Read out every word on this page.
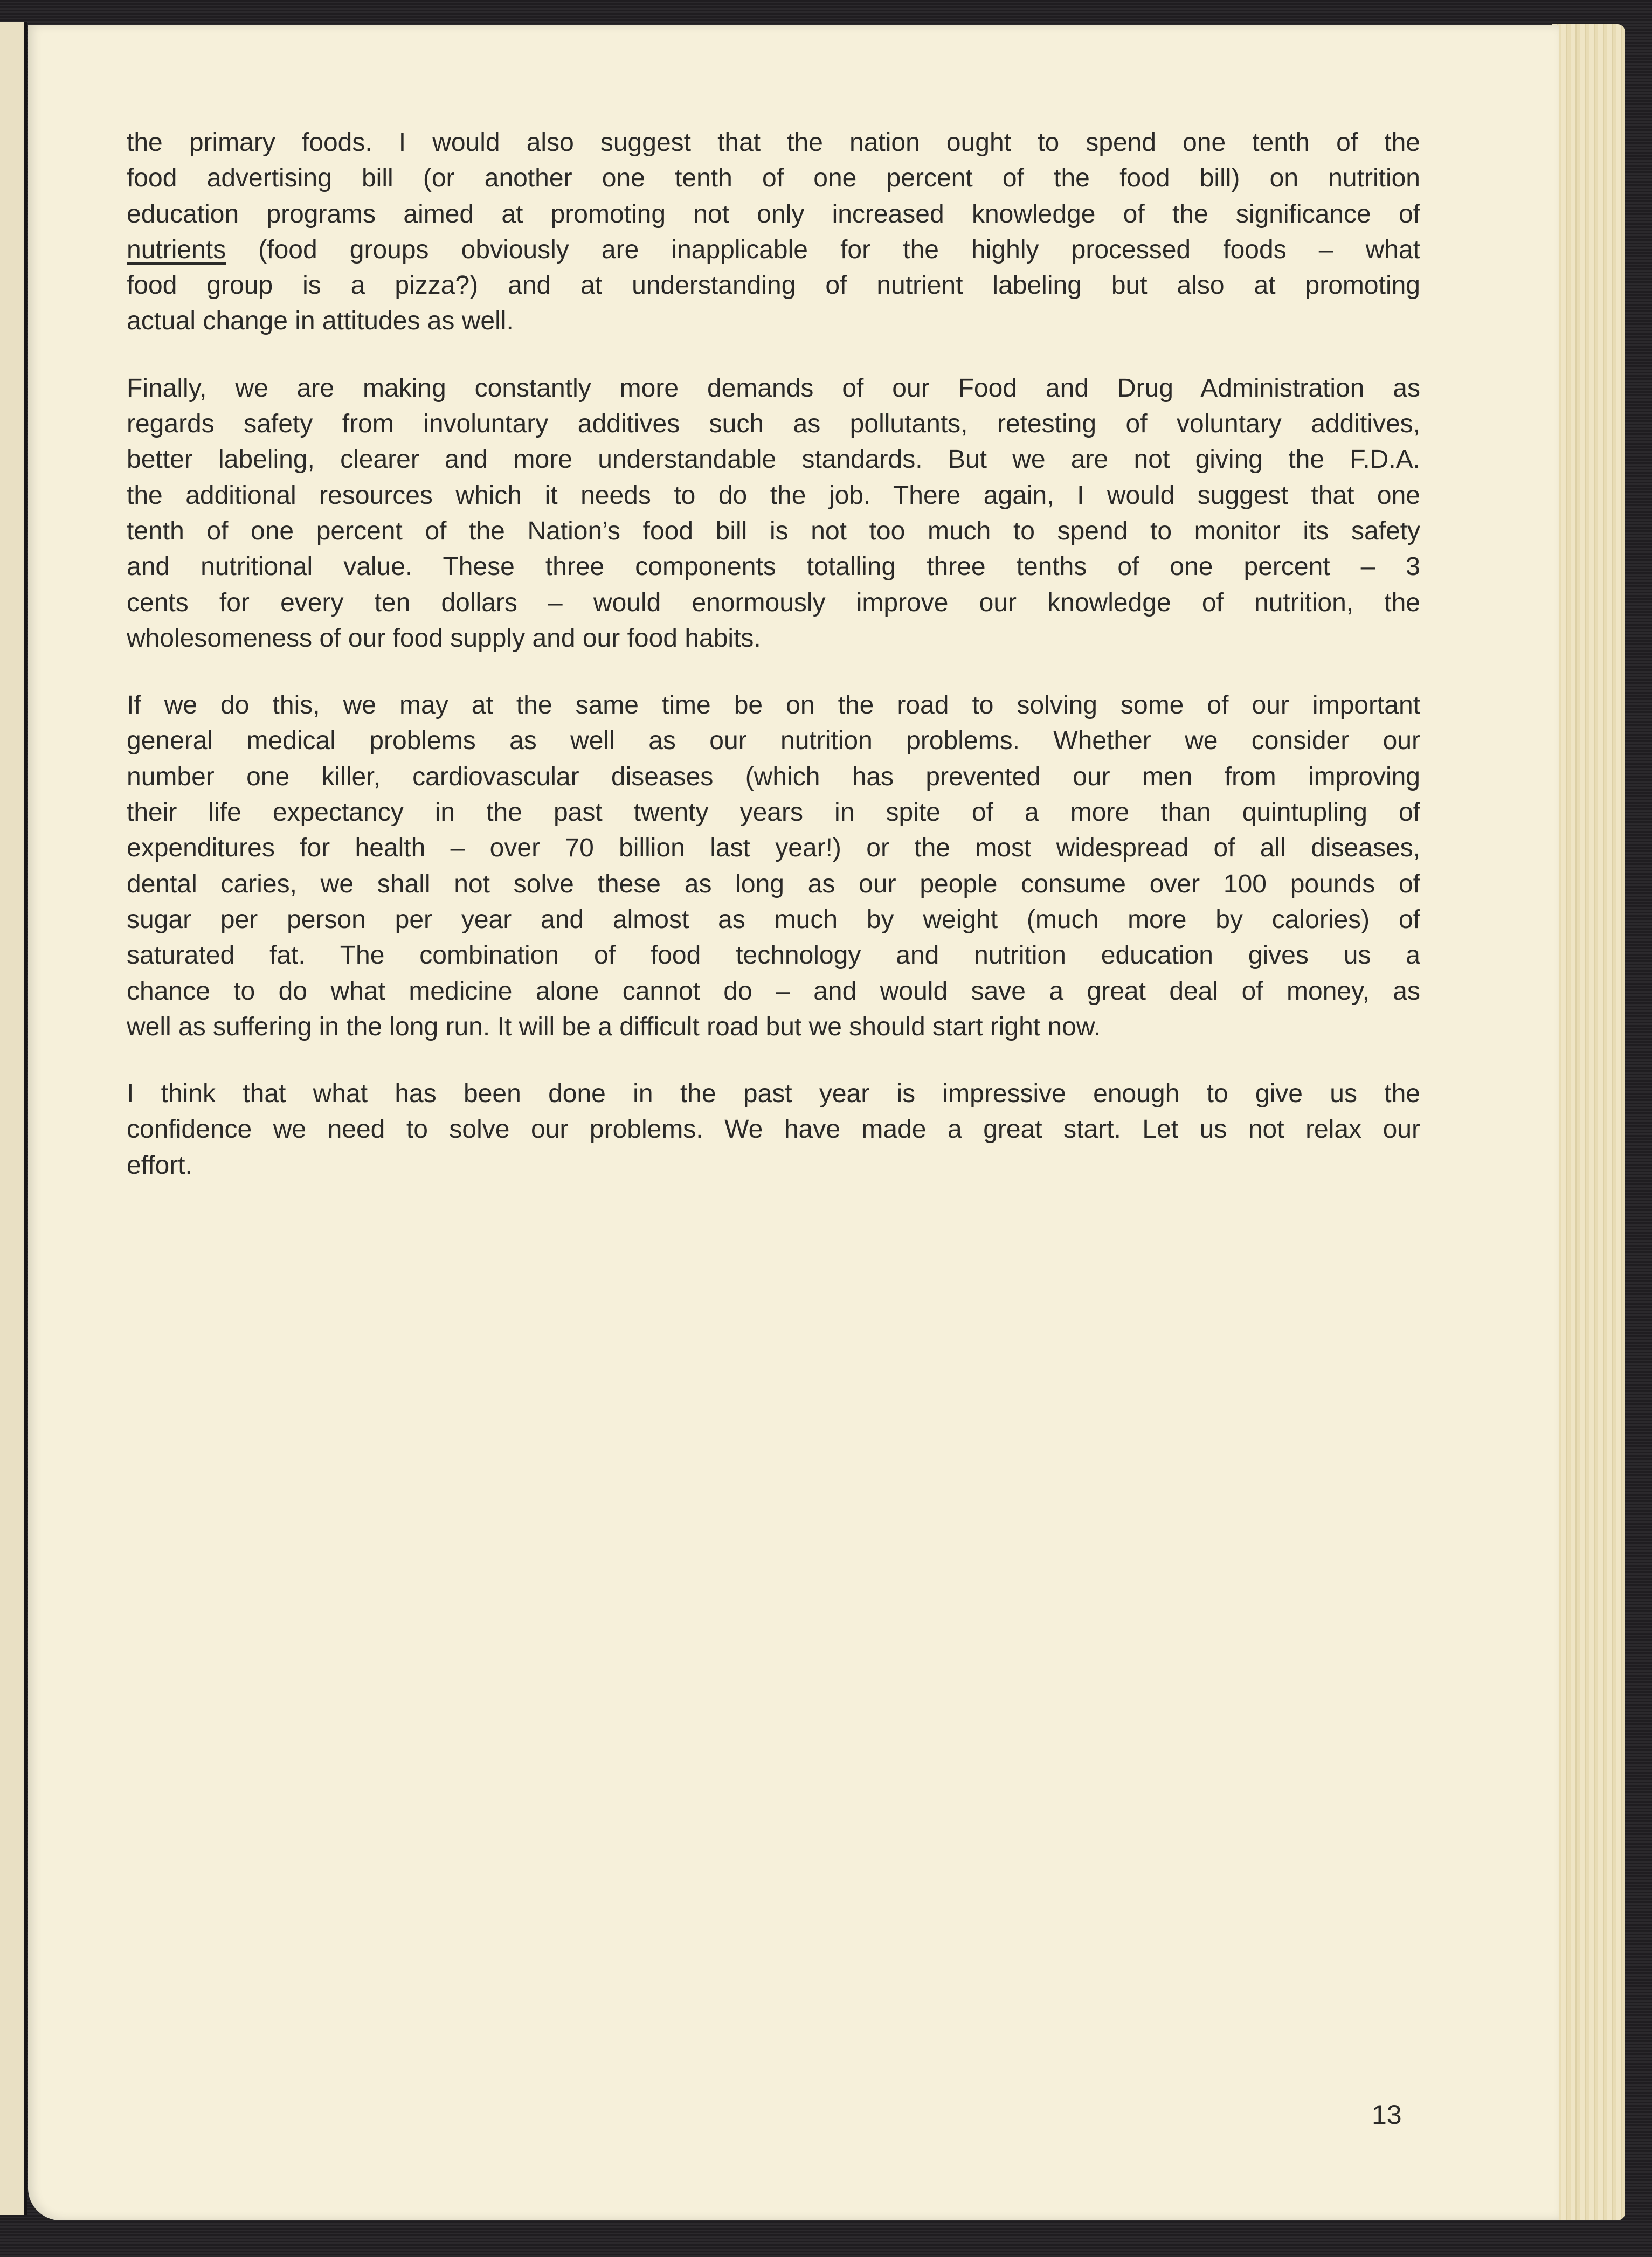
the primary foods. I would also suggest that the nation ought to spend one tenth of the
food advertising bill (or another one tenth of one percent of the food bill) on nutrition
education programs aimed at promoting not only increased knowledge of the significance of
nutrients (food groups obviously are inapplicable for the highly processed foods – what
food group is a pizza?) and at understanding of nutrient labeling but also at promoting
actual change in attitudes as well.
Finally, we are making constantly more demands of our Food and Drug Administration as
regards safety from involuntary additives such as pollutants, retesting of voluntary additives,
better labeling, clearer and more understandable standards. But we are not giving the F.D.A.
the additional resources which it needs to do the job. There again, I would suggest that one
tenth of one percent of the Nation’s food bill is not too much to spend to monitor its safety
and nutritional value. These three components totalling three tenths of one percent – 3
cents for every ten dollars – would enormously improve our knowledge of nutrition, the
wholesomeness of our food supply and our food habits.
If we do this, we may at the same time be on the road to solving some of our important
general medical problems as well as our nutrition problems. Whether we consider our
number one killer, cardiovascular diseases (which has prevented our men from improving
their life expectancy in the past twenty years in spite of a more than quintupling of
expenditures for health – over 70 billion last year!) or the most widespread of all diseases,
dental caries, we shall not solve these as long as our people consume over 100 pounds of
sugar per person per year and almost as much by weight (much more by calories) of
saturated fat. The combination of food technology and nutrition education gives us a
chance to do what medicine alone cannot do – and would save a great deal of money, as
well as suffering in the long run. It will be a difficult road but we should start right now.
I think that what has been done in the past year is impressive enough to give us the
confidence we need to solve our problems. We have made a great start. Let us not relax our
effort.
13
